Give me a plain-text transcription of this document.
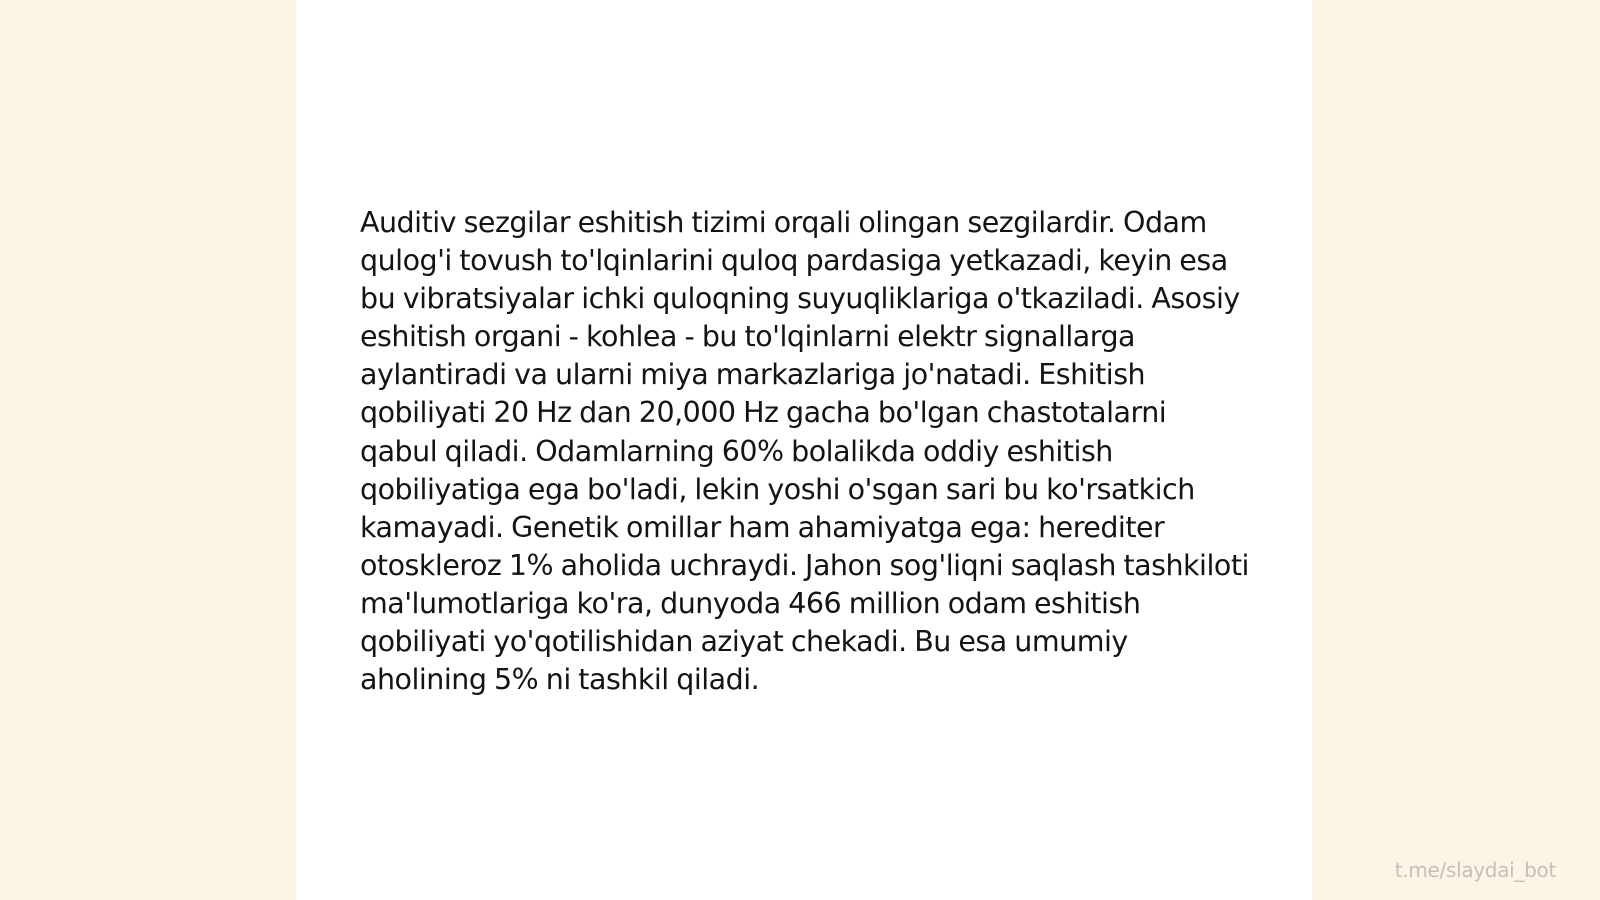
Auditiv sezgilar eshitish tizimi orqali olingan sezgilardir. Odam qulog'i tovush to'lqinlarini quloq pardasiga yetkazadi, keyin esa bu vibratsiyalar ichki quloqning suyuqliklariga o'tkaziladi. Asosiy eshitish organi - kohlea - bu to'lqinlarni elektr signallarga aylantiradi va ularni miya markazlariga jo'natadi. Eshitish qobiliyati 20 Hz dan 20,000 Hz gacha bo'lgan chastotalarni qabul qiladi. Odamlarning 60% bolalikda oddiy eshitish qobiliyatiga ega bo'ladi, lekin yoshi o'sgan sari bu ko'rsatkich kamayadi. Genetik omillar ham ahamiyatga ega: herediter otoskleroz 1% aholida uchraydi. Jahon sog'liqni saqlash tashkiloti ma'lumotlariga ko'ra, dunyoda 466 million odam eshitish qobiliyati yo'qotilishidan aziyat chekadi. Bu esa umumiy aholining 5% ni tashkil qiladi.

t.me/slaydai_bot
